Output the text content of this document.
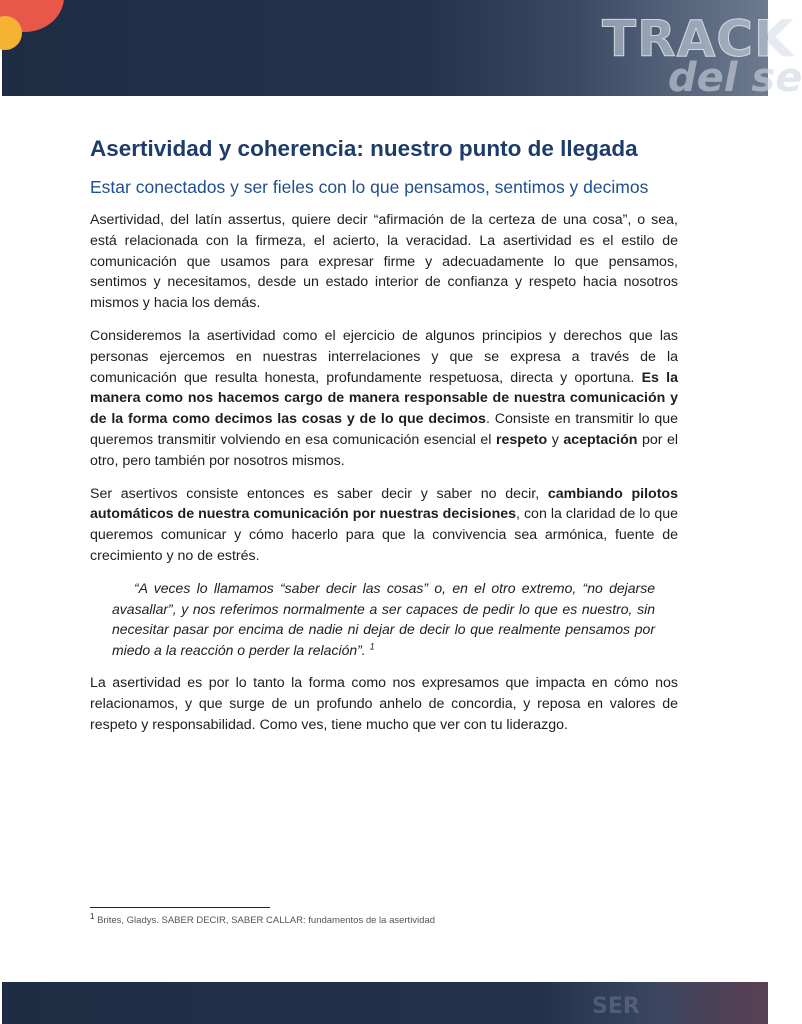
TRACK
del se
Asertividad y coherencia: nuestro punto de llegada
Estar conectados y ser fieles con lo que pensamos, sentimos y decimos

Asertividad, del latín assertus, quiere decir “afirmación de la certeza de una cosa”, o sea, está relacionada con la firmeza, el acierto, la veracidad. La asertividad es el estilo de comunicación que usamos para expresar firme y adecuadamente lo que pensamos, sentimos y necesitamos, desde un estado interior de confianza y respeto hacia nosotros mismos y hacia los demás.

Consideremos la asertividad como el ejercicio de algunos principios y derechos que las personas ejercemos en nuestras interrelaciones y que se expresa a través de la comunicación que resulta honesta, profundamente respetuosa, directa y oportuna. Es la manera como nos hacemos cargo de manera responsable de nuestra comunicación y de la forma como decimos las cosas y de lo que decimos. Consiste en transmitir lo que queremos transmitir volviendo en esa comunicación esencial el respeto y aceptación por el otro, pero también por nosotros mismos.

Ser asertivos consiste entonces es saber decir y saber no decir, cambiando pilotos automáticos de nuestra comunicación por nuestras decisiones, con la claridad de lo que queremos comunicar y cómo hacerlo para que la convivencia sea armónica, fuente de crecimiento y no de estrés.

“A veces lo llamamos “saber decir las cosas” o, en el otro extremo, “no dejarse avasallar”, y nos referimos normalmente a ser capaces de pedir lo que es nuestro, sin necesitar pasar por encima de nadie ni dejar de decir lo que realmente pensamos por miedo a la reacción o perder la relación”. $^1$

La asertividad es por lo tanto la forma como nos expresamos que impacta en cómo nos relacionamos, y que surge de un profundo anhelo de concordia, y reposa en valores de respeto y responsabilidad. Como ves, tiene mucho que ver con tu liderazgo.

$^1$ Brites, Gladys. SABER DECIR, SABER CALLAR: fundamentos de la asertividad
SER
